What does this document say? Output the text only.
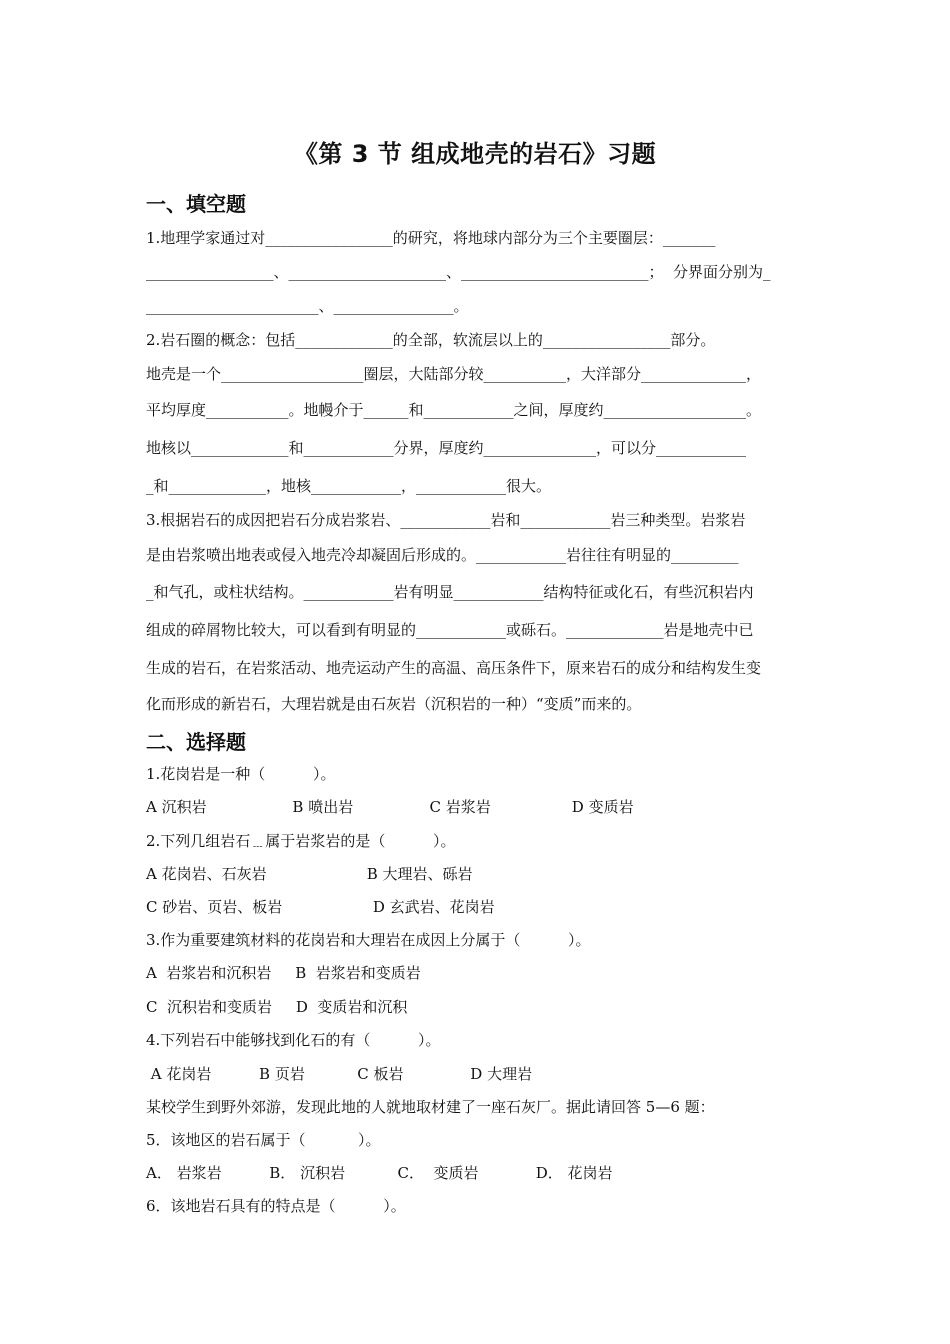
《第 3 节 组成地壳的岩石》习题
一、填空题
1.地理学家通过对_________________的研究，将地球内部分为三个主要圈层：_______
_________________、_____________________、_________________________；  分界面分别为_
_______________________、________________。
2.岩石圈的概念：包括_____________的全部，软流层以上的_________________部分。
地壳是一个___________________圈层，大陆部分较___________，大洋部分______________，
平均厚度___________。地幔介于______和____________之间，厚度约___________________。
地核以_____________和____________分界，厚度约_______________，可以分____________
_和_____________，地核____________，____________很大。
3.根据岩石的成因把岩石分成岩浆岩、____________岩和____________岩三种类型。岩浆岩
是由岩浆喷出地表或侵入地壳冷却凝固后形成的。____________岩往往有明显的_________
_和气孔，或柱状结构。____________岩有明显____________结构特征或化石，有些沉积岩内
组成的碎屑物比较大，可以看到有明显的____________或砾石。_____________岩是地壳中已
生成的岩石，在岩浆活动、地壳运动产生的高温、高压条件下，原来岩石的成分和结构发生变
化而形成的新岩石，大理岩就是由石灰岩（沉积岩的一种）“变质”而来的。
二、选择题
1.花岗岩是一种（          ）。
A 沉积岩                  B 喷出岩                C 岩浆岩                 D 变质岩
2.下列几组岩石﹍属于岩浆岩的是（          ）。
A 花岗岩、石灰岩                     B 大理岩、砾岩
C 砂岩、页岩、板岩                   D 玄武岩、花岗岩
3.作为重要建筑材料的花岗岩和大理岩在成因上分属于（          ）。
A  岩浆岩和沉积岩     B  岩浆岩和变质岩
C  沉积岩和变质岩     D  变质岩和沉积
4.下列岩石中能够找到化石的有（          ）。
A 花岗岩          B 页岩           C 板岩              D 大理岩
某校学生到野外郊游，发现此地的人就地取材建了一座石灰厂。据此请回答 5—6 题：
5．该地区的岩石属于（           ）。
A． 岩浆岩          B． 沉积岩           C．  变质岩            D． 花岗岩
6．该地岩石具有的特点是（          ）。
